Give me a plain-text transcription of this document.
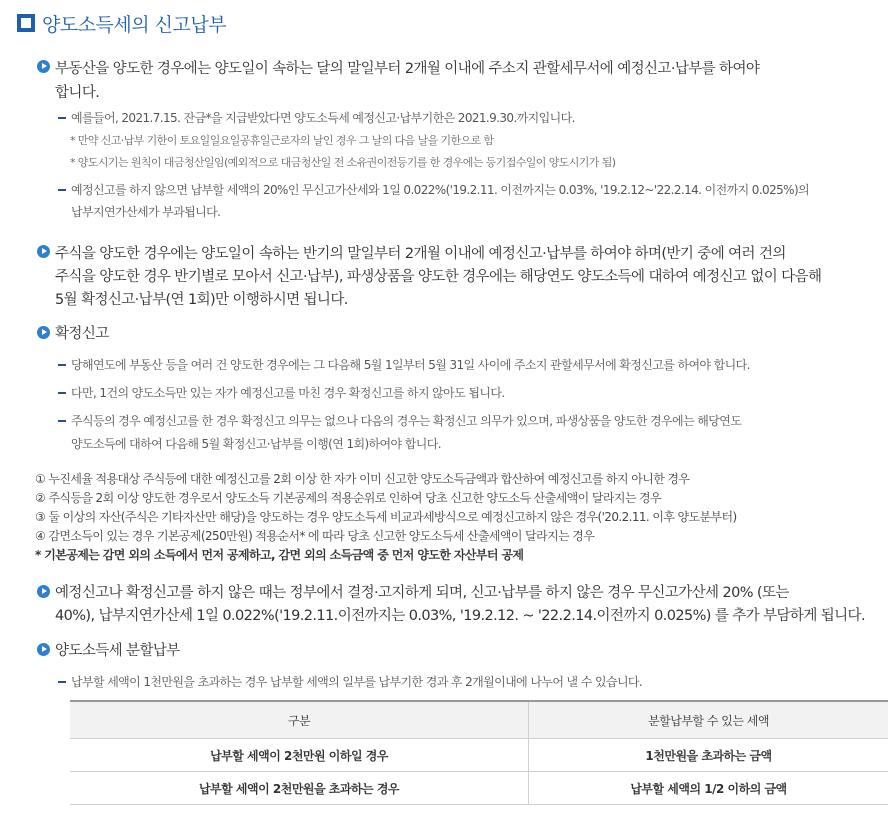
양도소득세의 신고납부
부동산을 양도한 경우에는 양도일이 속하는 달의 말일부터 2개월 이내에 주소지 관할세무서에 예정신고·납부를 하여야
합니다.
예를들어, 2021.7.15. 잔금*을 지급받았다면 양도소득세 예정신고·납부기한은 2021.9.30.까지입니다.
* 만약 신고·납부 기한이 토요일일요일공휴일근로자의 날인 경우 그 날의 다음 날을 기한으로 함
* 양도시기는 원칙이 대금청산일임(예외적으로 대금청산일 전 소유권이전등기를 한 경우에는 등기접수일이 양도시기가 됨)
예정신고를 하지 않으면 납부할 세액의 20%인 무신고가산세와 1일 0.022%('19.2.11. 이전까지는 0.03%, '19.2.12~'22.2.14. 이전까지 0.025%)의
납부지연가산세가 부과됩니다.
주식을 양도한 경우에는 양도일이 속하는 반기의 말일부터 2개월 이내에 예정신고·납부를 하여야 하며(반기 중에 여러 건의
주식을 양도한 경우 반기별로 모아서 신고·납부), 파생상품을 양도한 경우에는 해당연도 양도소득에 대하여 예정신고 없이 다음해
5월 확정신고·납부(연 1회)만 이행하시면 됩니다.
확정신고
당해연도에 부동산 등을 여러 건 양도한 경우에는 그 다음해 5월 1일부터 5월 31일 사이에 주소지 관할세무서에 확정신고를 하여야 합니다.
다만, 1건의 양도소득만 있는 자가 예정신고를 마친 경우 확정신고를 하지 않아도 됩니다.
주식등의 경우 예정신고를 한 경우 확정신고 의무는 없으나 다음의 경우는 확정신고 의무가 있으며, 파생상품을 양도한 경우에는 해당연도
양도소득에 대하여 다음해 5월 확정신고·납부를 이행(연 1회)하여야 합니다.
① 누진세율 적용대상 주식등에 대한 예정신고를 2회 이상 한 자가 이미 신고한 양도소득금액과 합산하여 예정신고를 하지 아니한 경우
② 주식등을 2회 이상 양도한 경우로서 양도소득 기본공제의 적용순위로 인하여 당초 신고한 양도소득 산출세액이 달라지는 경우
③ 둘 이상의 자산(주식은 기타자산만 해당)을 양도하는 경우 양도소득세 비교과세방식으로 예정신고하지 않은 경우('20.2.11. 이후 양도분부터)
④ 감면소득이 있는 경우 기본공제(250만원) 적용순서* 에 따라 당초 신고한 양도소득세 산출세액이 달라지는 경우
* 기본공제는 감면 외의 소득에서 먼저 공제하고, 감면 외의 소득금액 중 먼저 양도한 자산부터 공제
예정신고나 확정신고를 하지 않은 때는 정부에서 결정·고지하게 되며, 신고·납부를 하지 않은 경우 무신고가산세 20% (또는
40%), 납부지연가산세 1일 0.022%('19.2.11.이전까지는 0.03%, '19.2.12. ~ '22.2.14.이전까지 0.025%) 를 추가 부담하게 됩니다.
양도소득세 분할납부
납부할 세액이 1천만원을 초과하는 경우 납부할 세액의 일부를 납부기한 경과 후 2개월이내에 나누어 낼 수 있습니다.
구분	분할납부할 수 있는 세액
납부할 세액이 2천만원 이하일 경우	1천만원을 초과하는 금액
납부할 세액이 2천만원을 초과하는 경우	납부할 세액의 1/2 이하의 금액
